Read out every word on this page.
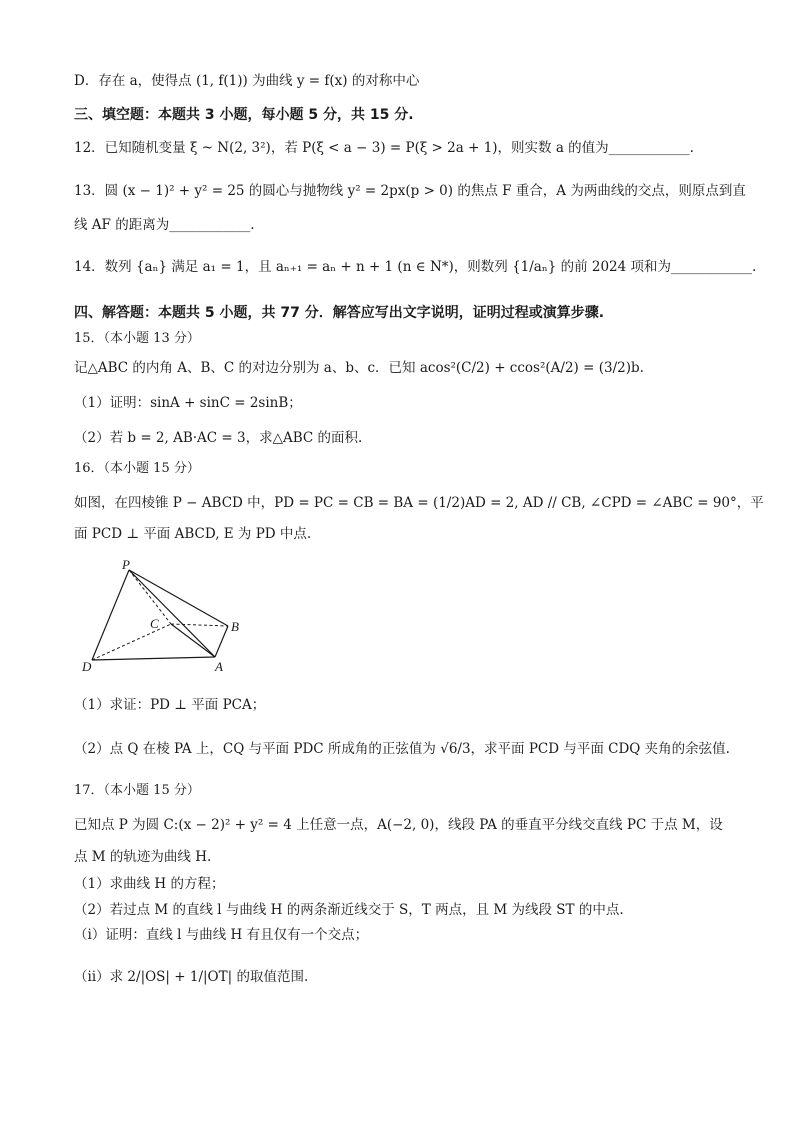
D．存在 a，使得点 (1, f(1)) 为曲线 y = f(x) 的对称中心
三、填空题：本题共 3 小题，每小题 5 分，共 15 分.
12．已知随机变量 ξ ~ N(2, 3²)，若 P(ξ < a − 3) = P(ξ > 2a + 1)，则实数 a 的值为____________.
13．圆 (x − 1)² + y² = 25 的圆心与抛物线 y² = 2px(p > 0) 的焦点 F 重合，A 为两曲线的交点，则原点到直
线 AF 的距离为____________.
14．数列 {aₙ} 满足 a₁ = 1，且 aₙ₊₁ = aₙ + n + 1 (n ∈ N*)，则数列 {1/aₙ} 的前 2024 项和为____________.
四、解答题：本题共 5 小题，共 77 分．解答应写出文字说明，证明过程或演算步骤.
15．（本小题 13 分）
记△ABC 的内角 A、B、C 的对边分别为 a、b、c．已知 acos²(C/2) + ccos²(A/2) = (3/2)b.
（1）证明：sinA + sinC = 2sinB；
（2）若 b = 2, AB·AC = 3，求△ABC 的面积.
16．（本小题 15 分）
如图，在四棱锥 P − ABCD 中，PD = PC = CB = BA = (1/2)AD = 2, AD // CB, ∠CPD = ∠ABC = 90°，平
面 PCD ⊥ 平面 ABCD, E 为 PD 中点.
P
C	B
D	A
（1）求证：PD ⊥ 平面 PCA；
（2）点 Q 在棱 PA 上，CQ 与平面 PDC 所成角的正弦值为 √6/3，求平面 PCD 与平面 CDQ 夹角的余弦值.
17．（本小题 15 分）
已知点 P 为圆 C:(x − 2)² + y² = 4 上任意一点，A(−2, 0)，线段 PA 的垂直平分线交直线 PC 于点 M，设
点 M 的轨迹为曲线 H.
（1）求曲线 H 的方程；
（2）若过点 M 的直线 l 与曲线 H 的两条渐近线交于 S，T 两点，且 M 为线段 ST 的中点.
（ⅰ）证明：直线 l 与曲线 H 有且仅有一个交点；
（ⅱ）求 2/|OS| + 1/|OT| 的取值范围.
